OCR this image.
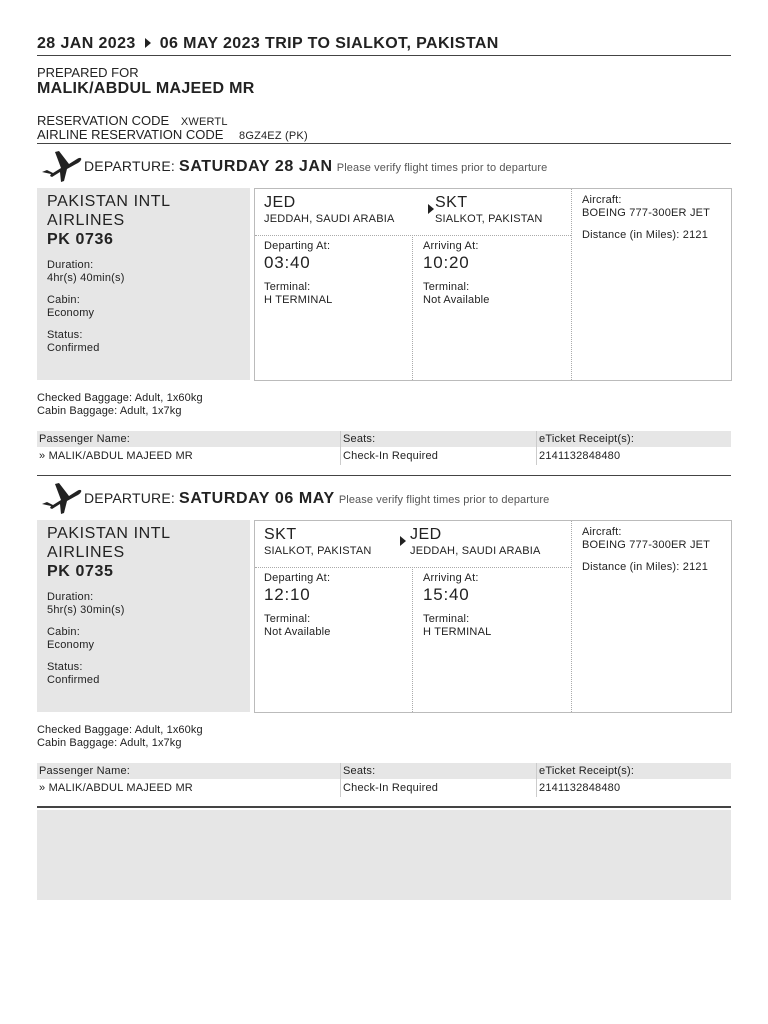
28 JAN 2023 06 MAY 2023 TRIP TO SIALKOT, PAKISTAN
PREPARED FOR
MALIK/ABDUL MAJEED MR
RESERVATION CODE XWERTL
AIRLINE RESERVATION CODE 8GZ4EZ (PK)
DEPARTURE: SATURDAY 28 JAN Please verify flight times prior to departure
PAKISTAN INTL
AIRLINES
PK 0736
Duration:
4hr(s) 40min(s)
Cabin:
Economy
Status:
Confirmed
JED
JEDDAH, SAUDI ARABIA
SKT
SIALKOT, PAKISTAN
Departing At:
03:40
Terminal:
H TERMINAL
Arriving At:
10:20
Terminal:
Not Available
Aircraft:
BOEING 777-300ER JET
Distance (in Miles): 2121
Checked Baggage: Adult, 1x60kg
Cabin Baggage: Adult, 1x7kg
Passenger Name:	Seats:	eTicket Receipt(s):
» MALIK/ABDUL MAJEED MR	Check-In Required	2141132848480
DEPARTURE: SATURDAY 06 MAY Please verify flight times prior to departure
PAKISTAN INTL
AIRLINES
PK 0735
Duration:
5hr(s) 30min(s)
Cabin:
Economy
Status:
Confirmed
SKT
SIALKOT, PAKISTAN
JED
JEDDAH, SAUDI ARABIA
Departing At:
12:10
Terminal:
Not Available
Arriving At:
15:40
Terminal:
H TERMINAL
Aircraft:
BOEING 777-300ER JET
Distance (in Miles): 2121
Checked Baggage: Adult, 1x60kg
Cabin Baggage: Adult, 1x7kg
Passenger Name:	Seats:	eTicket Receipt(s):
» MALIK/ABDUL MAJEED MR	Check-In Required	2141132848480
